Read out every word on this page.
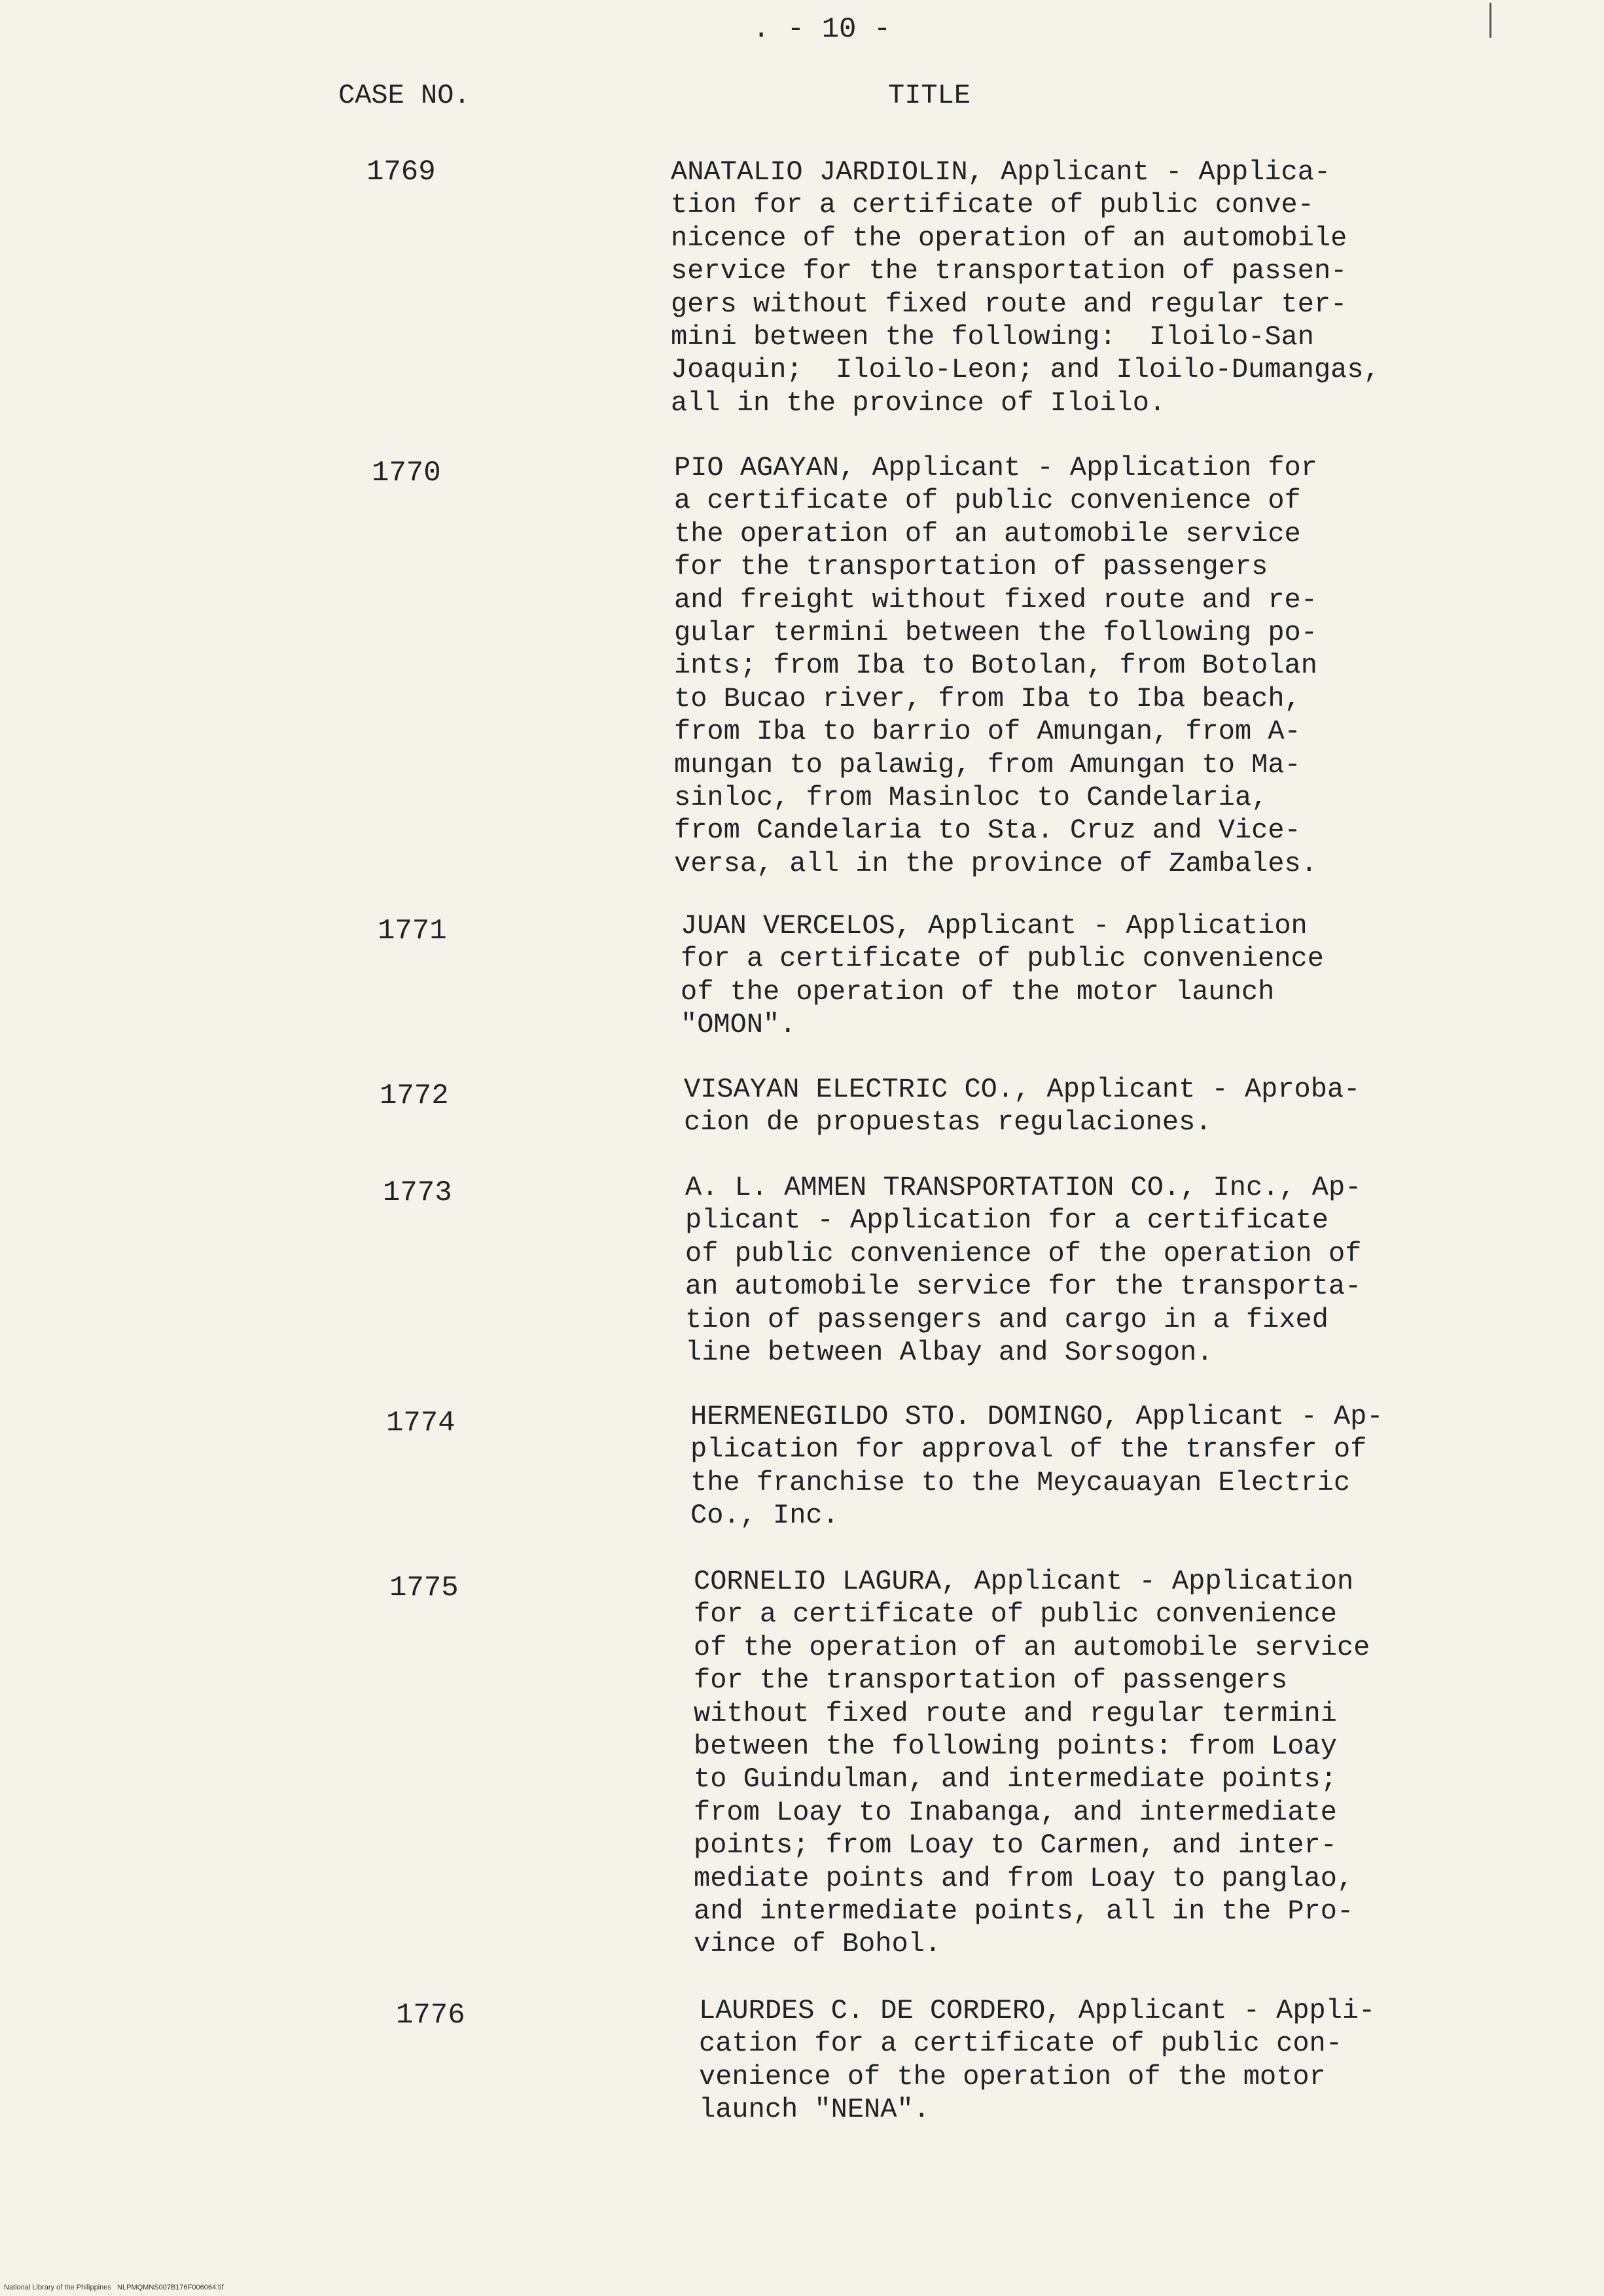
. - 10 -
CASE NO.	TITLE
1769	ANATALIO JARDIOLIN, Applicant - Applica-
tion for a certificate of public conve-
nicence of the operation of an automobile
service for the transportation of passen-
gers without fixed route and regular ter-
mini between the following:  Iloilo-San
Joaquin;  Iloilo-Leon; and Iloilo-Dumangas,
all in the province of Iloilo.
1770	PIO AGAYAN, Applicant - Application for
a certificate of public convenience of
the operation of an automobile service
for the transportation of passengers
and freight without fixed route and re-
gular termini between the following po-
ints; from Iba to Botolan, from Botolan
to Bucao river, from Iba to Iba beach,
from Iba to barrio of Amungan, from A-
mungan to palawig, from Amungan to Ma-
sinloc, from Masinloc to Candelaria,
from Candelaria to Sta. Cruz and Vice-
versa, all in the province of Zambales.
1771	JUAN VERCELOS, Applicant - Application
for a certificate of public convenience
of the operation of the motor launch
"OMON".
1772	VISAYAN ELECTRIC CO., Applicant - Aproba-
cion de propuestas regulaciones.
1773	A. L. AMMEN TRANSPORTATION CO., Inc., Ap-
plicant - Application for a certificate
of public convenience of the operation of
an automobile service for the transporta-
tion of passengers and cargo in a fixed
line between Albay and Sorsogon.
1774	HERMENEGILDO STO. DOMINGO, Applicant - Ap-
plication for approval of the transfer of
the franchise to the Meycauayan Electric
Co., Inc.
1775	CORNELIO LAGURA, Applicant - Application
for a certificate of public convenience
of the operation of an automobile service
for the transportation of passengers
without fixed route and regular termini
between the following points: from Loay
to Guindulman, and intermediate points;
from Loay to Inabanga, and intermediate
points; from Loay to Carmen, and inter-
mediate points and from Loay to panglao,
and intermediate points, all in the Pro-
vince of Bohol.
1776	LAURDES C. DE CORDERO, Applicant - Appli-
cation for a certificate of public con-
venience of the operation of the motor
launch "NENA".
National Library of the Philippines   NLPMQMNS007B176F006064.tif
